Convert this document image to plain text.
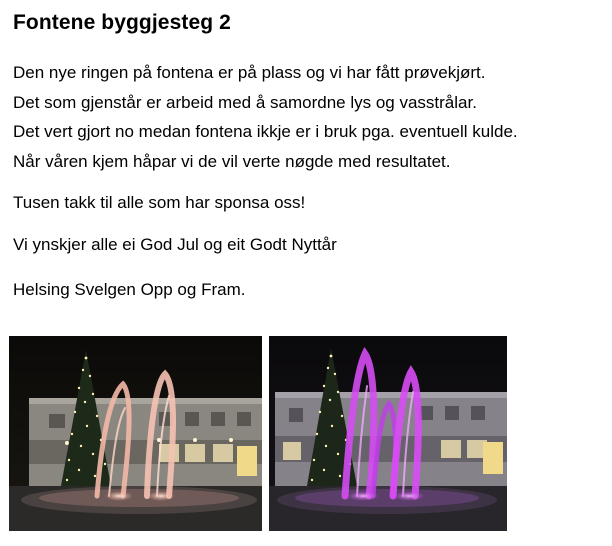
Fontene byggjesteg 2

Den nye ringen på fontena er på plass og vi har fått prøvekjørt.
Det som gjenstår er arbeid med å samordne lys og vasstrålar.
Det vert gjort no medan fontena ikkje er i bruk pga. eventuell kulde.
Når våren kjem håpar vi de vil verte nøgde med resultatet.

Tusen takk til alle som har sponsa oss!

Vi ynskjer alle ei God Jul og eit Godt Nyttår

Helsing Svelgen Opp og Fram.
